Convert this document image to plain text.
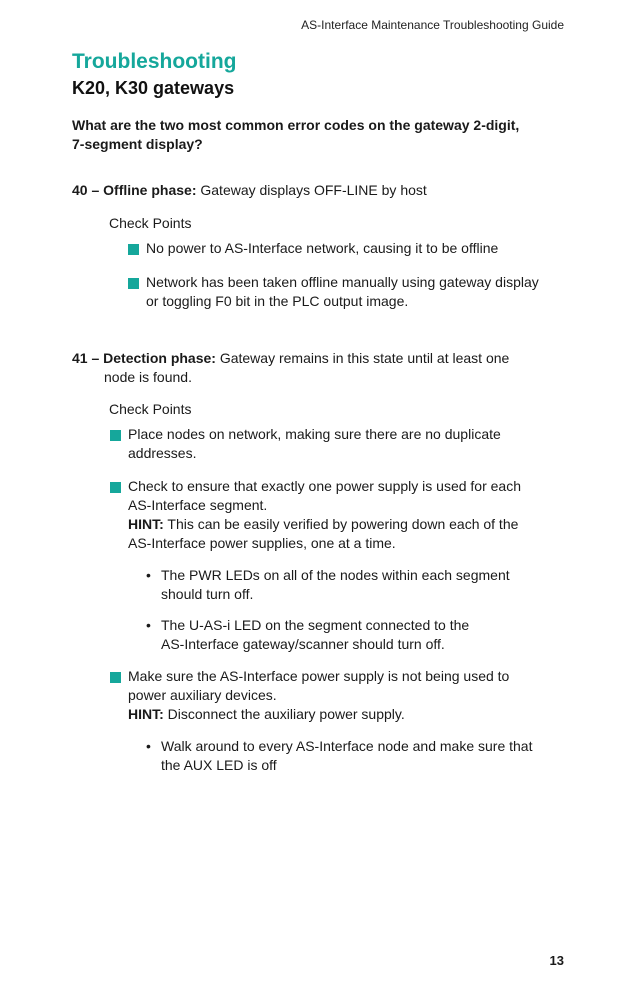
AS-Interface Maintenance Troubleshooting Guide
Troubleshooting
K20, K30 gateways
What are the two most common error codes on the gateway 2-digit,
7-segment display?
40 – Offline phase: Gateway displays OFF-LINE by host
Check Points
No power to AS-Interface network, causing it to be offline
Network has been taken offline manually using gateway display
or toggling F0 bit in the PLC output image.
41 – Detection phase: Gateway remains in this state until at least one
node is found.
Check Points
Place nodes on network, making sure there are no duplicate
addresses.
Check to ensure that exactly one power supply is used for each
AS-Interface segment.
HINT: This can be easily verified by powering down each of the
AS-Interface power supplies, one at a time.
• The PWR LEDs on all of the nodes within each segment
should turn off.
• The U-AS-i LED on the segment connected to the
AS-Interface gateway/scanner should turn off.
Make sure the AS-Interface power supply is not being used to
power auxiliary devices.
HINT: Disconnect the auxiliary power supply.
• Walk around to every AS-Interface node and make sure that
the AUX LED is off
13
